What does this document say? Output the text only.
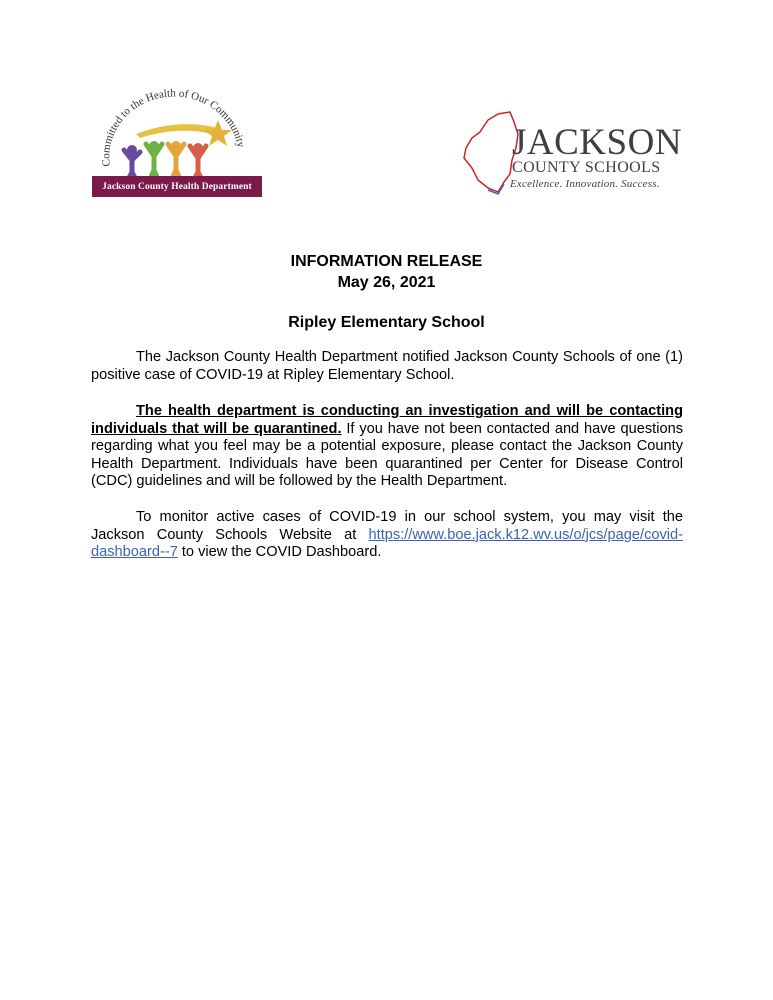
Committed to the Health of Our Community
Jackson County Health Department
JACKSON
COUNTY SCHOOLS
Excellence. Innovation. Success.
INFORMATION RELEASE
May 26, 2021
Ripley Elementary School

The Jackson County Health Department notified Jackson County Schools of one (1) positive case of COVID-19 at Ripley Elementary School.

The health department is conducting an investigation and will be contacting individuals that will be quarantined. If you have not been contacted and have questions regarding what you feel may be a potential exposure, please contact the Jackson County Health Department. Individuals have been quarantined per Center for Disease Control (CDC) guidelines and will be followed by the Health Department.

To monitor active cases of COVID-19 in our school system, you may visit the Jackson County Schools Website at https://www.boe.jack.k12.wv.us/o/jcs/page/covid-dashboard--7 to view the COVID Dashboard.
